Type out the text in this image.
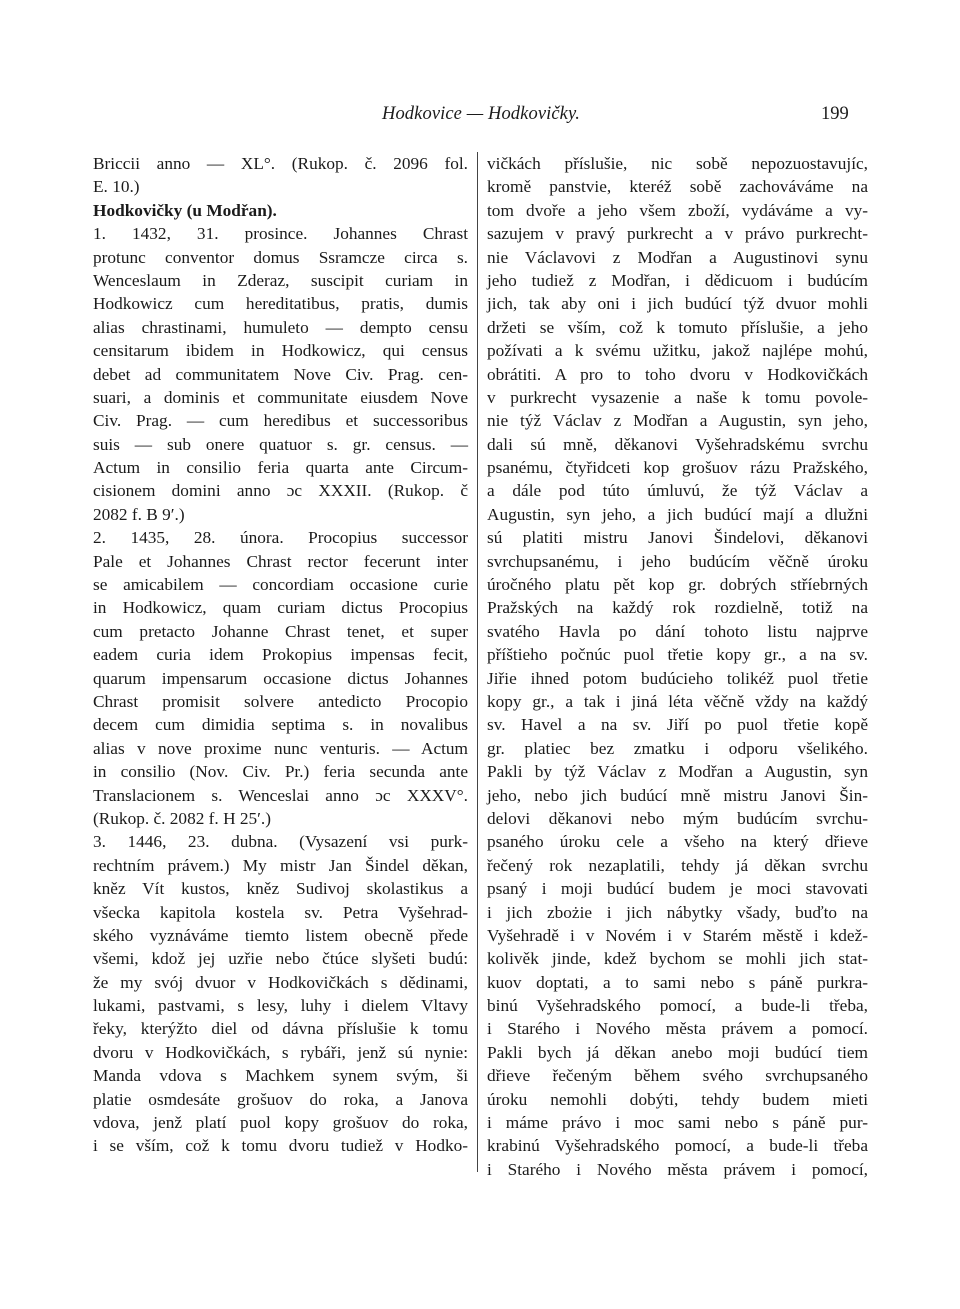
Hodkovice — Hodkovičky.	199
Briccii anno — XL°. (Rukop. č. 2096 fol.
E. 10.)
Hodkovičky (u Modřan).
1. 1432, 31. prosince. Johannes Chrast
protunc conventor domus Ssramcze circa s.
Wenceslaum in Zderaz, suscipit curiam in
Hodkowicz cum hereditatibus, pratis, dumis
alias chrastinami, humuleto — dempto censu
censitarum ibidem in Hodkowicz, qui census
debet ad communitatem Nove Civ. Prag. cen-
suari, a dominis et communitate eiusdem Nove
Civ. Prag. — cum heredibus et successoribus
suis — sub onere quatuor s. gr. census. —
Actum in consilio feria quarta ante Circum-
cisionem domini anno ɔc XXXII. (Rukop. č
2082 f. B 9′.)
2. 1435, 28. února. Procopius successor
Pale et Johannes Chrast rector fecerunt inter
se amicabilem — concordiam occasione curie
in Hodkowicz, quam curiam dictus Procopius
cum pretacto Johanne Chrast tenet, et super
eadem curia idem Prokopius impensas fecit,
quarum impensarum occasione dictus Johannes
Chrast promisit solvere antedicto Procopio
decem cum dimidia septima s. in novalibus
alias v nove proxime nunc venturis. — Actum
in consilio (Nov. Civ. Pr.) feria secunda ante
Translacionem s. Wenceslai anno ɔc XXXV°.
(Rukop. č. 2082 f. H 25′.)
3. 1446, 23. dubna. (Vysazení vsi purk-
rechtním právem.) My mistr Jan Šindel děkan,
kněz Vít kustos, kněz Sudivoj skolastikus a
všecka kapitola kostela sv. Petra Vyšehrad-
ského vyznáváme tiemto listem obecně přede
všemi, kdož jej uzřie nebo čtúce slyšeti budú:
že my svój dvuor v Hodkovičkách s dědinami,
lukami, pastvami, s lesy, luhy i dielem Vltavy
řeky, kterýžto diel od dávna příslušie k tomu
dvoru v Hodkovičkách, s rybáři, jenž sú nynie:
Manda vdova s Machkem synem svým, ši
platie osmdesáte grošuov do roka, a Janova
vdova, jenž platí puol kopy grošuov do roka,
i se vším, což k tomu dvoru tudiež v Hodko-
vičkách příslušie, nic sobě nepozuostavujíc,
kromě panstvie, kteréž sobě zachováváme na
tom dvoře a jeho všem zboží, vydáváme a vy-
sazujem v pravý purkrecht a v právo purkrecht-
nie Václavovi z Modřan a Augustinovi synu
jeho tudiež z Modřan, i dědicuom i budúcím
jich, tak aby oni i jich budúcí týž dvuor mohli
držeti se vším, což k tomuto příslušie, a jeho
požívati a k svému užitku, jakož najlépe mohú,
obrátiti. A pro to toho dvoru v Hodkovičkách
v purkrecht vysazenie a naše k tomu povole-
nie týž Václav z Modřan a Augustin, syn jeho,
dali sú mně, děkanovi Vyšehradskému svrchu
psanému, čtyřidceti kop grošuov rázu Pražského,
a dále pod túto úmluvú, že týž Václav a
Augustin, syn jeho, a jich budúcí mají a dlužni
sú platiti mistru Janovi Šindelovi, děkanovi
svrchupsanému, i jeho budúcím věčně úroku
úročného platu pět kop gr. dobrých stříebrných
Pražských na každý rok rozdielně, totiž na
svatého Havla po dání tohoto listu najprve
příštieho počnúc puol třetie kopy gr., a na sv.
Jiřie ihned potom budúcieho tolikéž puol třetie
kopy gr., a tak i jiná léta věčně vždy na každý
sv. Havel a na sv. Jiří po puol třetie kopě
gr. platiec bez zmatku i odporu všelikého.
Pakli by týž Václav z Modřan a Augustin, syn
jeho, nebo jich budúcí mně mistru Janovi Šin-
delovi děkanovi nebo mým budúcím svrchu-
psaného úroku cele a všeho na který dřieve
řečený rok nezaplatili, tehdy já děkan svrchu
psaný i moji budúcí budem je moci stavovati
i jich zbożie i jich nábytky všady, buďto na
Vyšehradě i v Novém i v Starém městě i kdež-
kolivěk jinde, kdež bychom se mohli jich stat-
kuov doptati, a to sami nebo s páně purkra-
binú Vyšehradského pomocí, a bude-li třeba,
i Starého i Nového města právem a pomocí.
Pakli bych já děkan anebo moji budúcí tiem
dřieve řečeným během svého svrchupsaného
úroku nemohli dobýti, tehdy budem mieti
i máme právo i moc sami nebo s páně pur-
krabinú Vyšehradského pomocí, a bude-li třeba
i Starého i Nového města právem i pomocí,
